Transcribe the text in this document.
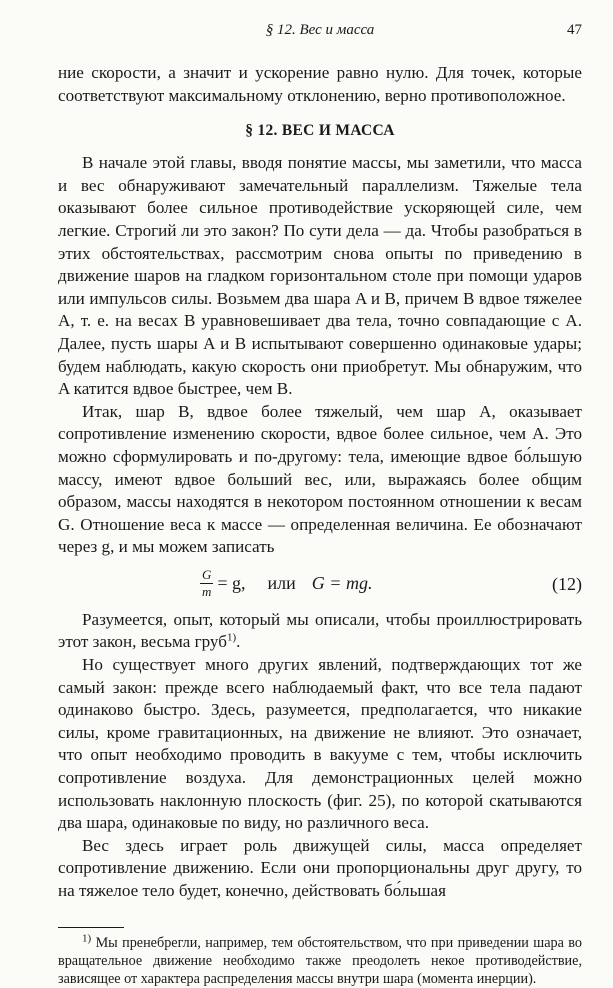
§ 12. Вес и масса	47

ние скорости, а значит и ускорение равно нулю. Для точек, которые соответствуют максимальному отклонению, верно противоположное.

§ 12. ВЕС И МАССА

В начале этой главы, вводя понятие массы, мы заметили, что масса и вес обнаруживают замечательный параллелизм. Тяжелые тела оказывают более сильное противодействие ускоряющей силе, чем легкие. Строгий ли это закон? По сути дела — да. Чтобы разобраться в этих обстоятельствах, рассмотрим снова опыты по приведению в движение шаров на гладком горизонтальном столе при помощи ударов или импульсов силы. Возьмем два шара A и B, причем B вдвое тяжелее A, т. е. на весах B уравновешивает два тела, точно совпадающие с A. Далее, пусть шары A и B испытывают совершенно одинаковые удары; будем наблюдать, какую скорость они приобретут. Мы обнаружим, что A катится вдвое быстрее, чем B.

Итак, шар B, вдвое более тяжелый, чем шар A, оказывает сопротивление изменению скорости, вдвое более сильное, чем A. Это можно сформулировать и по-другому: тела, имеющие вдвое бо́льшую массу, имеют вдвое больший вес, или, выражаясь более общим образом, массы находятся в некотором постоянном отношении к весам G. Отношение веса к массе — определенная величина. Ее обозначают через g, и мы можем записать

$\frac{G}{m} = g$, или G = mg.	(12)

Разумеется, опыт, который мы описали, чтобы проиллюстрировать этот закон, весьма груб$^{1)}$.

Но существует много других явлений, подтверждающих тот же самый закон: прежде всего наблюдаемый факт, что все тела падают одинаково быстро. Здесь, разумеется, предполагается, что никакие силы, кроме гравитационных, на движение не влияют. Это означает, что опыт необходимо проводить в вакууме с тем, чтобы исключить сопротивление воздуха. Для демонстрационных целей можно использовать наклонную плоскость (фиг. 25), по которой скатываются два шара, одинаковые по виду, но различного веса.

Вес здесь играет роль движущей силы, масса определяет сопротивление движению. Если они пропорциональны друг другу, то на тяжелое тело будет, конечно, действовать бо́льшая

$^{1)}$ Мы пренебрегли, например, тем обстоятельством, что при приведении шара во вращательное движение необходимо также преодолеть некое противодействие, зависящее от характера распределения массы внутри шара (момента инерции).
